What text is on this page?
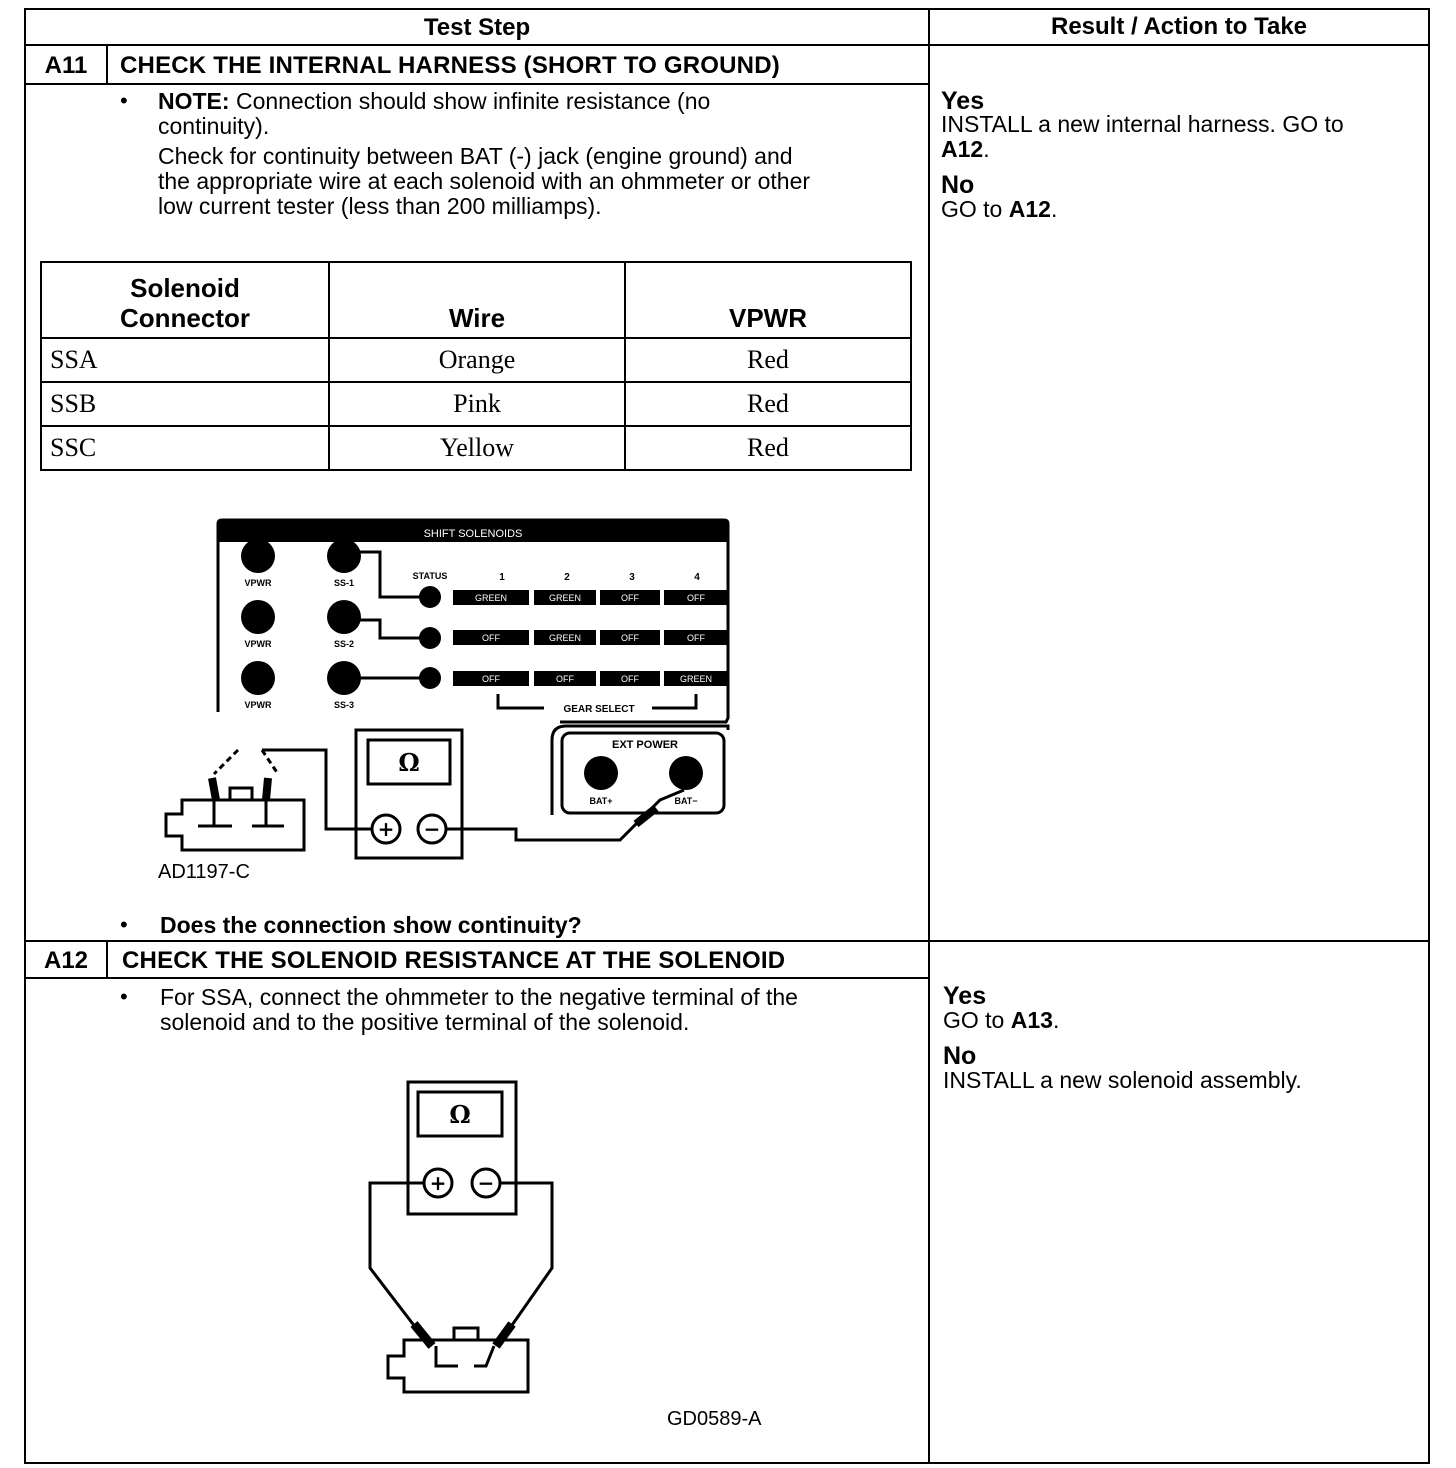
Test Step	Result / Action to Take
A11	CHECK THE INTERNAL HARNESS (SHORT TO GROUND)
• NOTE: Connection should show infinite resistance (no
continuity).
Check for continuity between BAT (-) jack (engine ground) and
the appropriate wire at each solenoid with an ohmmeter or other
low current tester (less than 200 milliamps).
Solenoid
Connector	Wire	VPWR

SSA	Orange	Red
SSB	Pink	Red
SSC	Yellow	Red
SHIFT SOLENOIDS
VPWR
VPWR
VPWR
SS-1
SS-2
SS-3
STATUS	1	2	3	4
GREEN	GREEN	OFF	OFF
OFF	GREEN	OFF	OFF
OFF	OFF	OFF	GREEN
GEAR SELECT
EXT POWER
BAT+	BAT−
Ω
+ −
AD1197-C
• Does the connection show continuity?
Yes
INSTALL a new internal harness. GO to
A12.
No
GO to A12.
A12	CHECK THE SOLENOID RESISTANCE AT THE SOLENOID
• For SSA, connect the ohmmeter to the negative terminal of the
solenoid and to the positive terminal of the solenoid.
Ω
+ −
GD0589-A
Yes
GO to A13.
No
INSTALL a new solenoid assembly.
